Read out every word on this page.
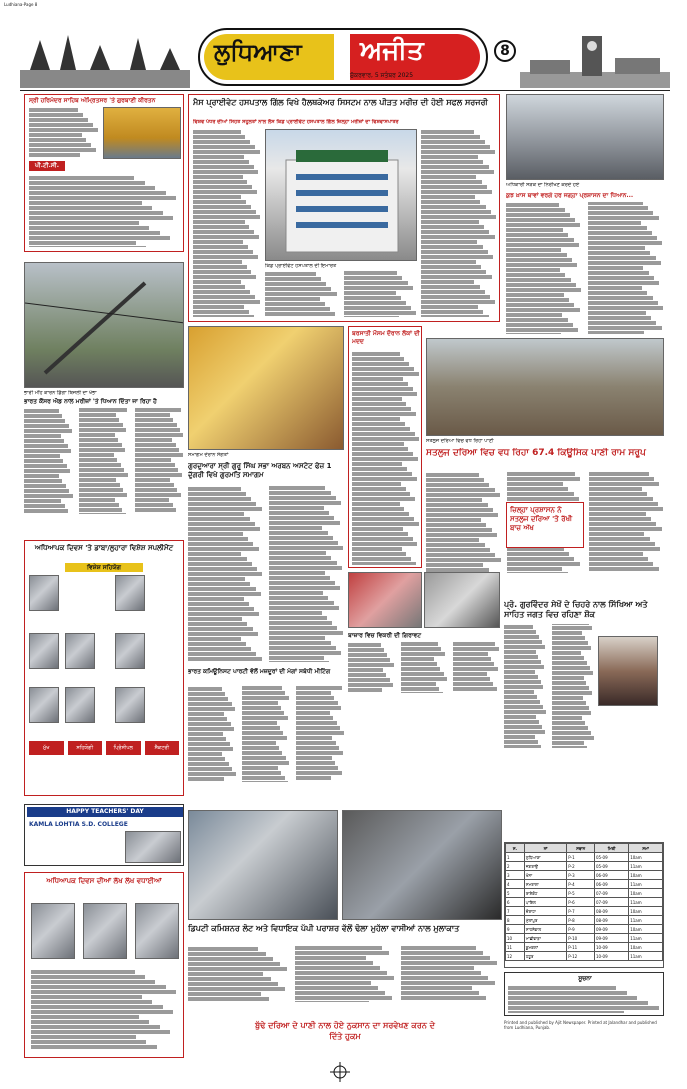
Ludhiana-Page 8
ਲੁਧਿਆਣਾ ਅਜੀਤ
ਸ਼ੁੱਕਰਵਾਰ, 5 ਸਤੰਬਰ 2025
8
ਸ੍ਰੀ ਹਰਿਮੰਦਰ ਸਾਹਿਬ ਅੰਮ੍ਰਿਤਸਰ 'ਤੇ ਗੁਰਬਾਣੀ ਕੀਰਤਨ
ਪੀ.ਟੀ.ਸੀ.
ਭਾਰੀ ਮੀਂਹ ਕਾਰਨ ਡਿੱਗਾ ਬਿਜਲੀ ਦਾ ਖੰਭਾ
ਭਾਰਤ ਕੈਂਸਰ ਐਡ ਨਾਲ ਮਰੀਜ਼ਾਂ 'ਤੇ ਧਿਆਨ ਦਿੱਤਾ ਜਾ ਰਿਹਾ ਹੈ
ਅਧਿਆਪਕ ਦਿਵਸ 'ਤੇ ਡਾਬਾ/ਲੁਹਾਰਾ ਵਿਸ਼ੇਸ਼ ਸਪਲੀਮੈਂਟ
ਵਿਸ਼ੇਸ਼ ਸਹਿਯੋਗ
ਮੁੱਖ	ਸਹਿਯੋਗੀ	ਪ੍ਰਿੰਸੀਪਲ	ਸੈਕਟਰੀ
HAPPY TEACHERS' DAY
KAMLA LOHTIA S.D. COLLEGE
ਅਧਿਆਪਕ ਦਿਵਸ ਦੀਆਂ ਲੱਖ ਲੱਖ ਵਧਾਈਆਂ
ਮੈਸ ਪ੍ਰਾਈਵੇਟ ਹਸਪਤਾਲ ਗਿੱਲ ਵਿਖੇ ਹੈਲਥਕੇਅਰ ਸਿਸਟਮ ਨਾਲ ਪੀੜਤ ਮਰੀਜ਼ ਦੀ ਹੋਈ ਸਫਲ ਸਰਜਰੀ
ਵਿਸ਼ਵ ਪੱਧਰ ਦੀਆਂ ਸਿਹਤ ਸਹੂਲਤਾਂ ਨਾਲ ਲੈਸ ਕਿਡ ਪ੍ਰਾਈਵੇਟ ਹਸਪਤਾਲ ਗਿੱਲ ਜ਼ਿਲ੍ਹਾ ਮਰੀਜ਼ਾਂ ਦਾ ਵਿਸ਼ਵਾਸਪਾਤਰ
ਕਿਡ ਪ੍ਰਾਈਵੇਟ ਹਸਪਤਾਲ ਦੀ ਇਮਾਰਤ
ਸਮਾਗਮ ਦੌਰਾਨ ਸੰਗਤਾਂ
ਗੁਰਦੁਆਰਾ ਸ੍ਰੀ ਗੁਰੂ ਸਿੰਘ ਸਭਾ ਅਰਬਨ ਅਸਟੇਟ ਫੇਜ਼ 1 ਦੁੱਗਰੀ ਵਿਖੇ ਗੁਰਮਤਿ ਸਮਾਗਮ
ਬਰਸਾਤੀ ਮੌਸਮ ਦੌਰਾਨ ਲੋਕਾਂ ਦੀ ਮਦਦ
ਬਾਜ਼ਾਰ ਵਿਚ ਵਿਕਰੀ ਦੀ ਗਿਰਾਵਟ
ਭਾਰਤ ਕਮਿਊਨਿਸਟ ਪਾਰਟੀ ਵੱਲੋਂ ਮਜ਼ਦੂਰਾਂ ਦੀ ਮੰਗਾਂ ਸਬੰਧੀ ਮੀਟਿੰਗ
ਡਿਪਟੀ ਕਮਿਸ਼ਨਰ ਲੋਟ ਅਤੇ ਵਿਧਾਇਕ ਪੱਪੀ ਪਰਾਸ਼ਰ ਵੱਲੋਂ ਢੋਲਾ ਮੁਹੱਲਾ ਵਾਸੀਆਂ ਨਾਲ ਮੁਲਾਕਾਤ
ਬੁੱਢੇ ਦਰਿਆ ਦੇ ਪਾਣੀ ਨਾਲ ਹੋਏ ਨੁਕਸਾਨ ਦਾ ਸਰਵੇਖਣ ਕਰਨ ਦੇ ਦਿੱਤੇ ਹੁਕਮ
ਅਧਿਕਾਰੀ ਸੜਕ ਦਾ ਨਿਰੀਖਣ ਕਰਦੇ ਹੋਏ
ਕੁਝ ਖ਼ਾਸ ਥਾਵਾਂ ਵਰਗੇ ਹਰ ਜਗ੍ਹਾ ਪ੍ਰਸ਼ਾਸਨ ਦਾ ਧਿਆਨ...
ਸਤਲੁਜ ਦਰਿਆ ਵਿਚ ਵਧ ਰਿਹਾ ਪਾਣੀ
ਸਤਲੁਜ ਦਰਿਆ ਵਿਚ ਵਧ ਰਿਹਾ 67.4 ਕਿਊਸਿਕ ਪਾਣੀ ਰਾਮ ਸਰੂਪ
ਜ਼ਿਲ੍ਹਾ ਪ੍ਰਸ਼ਾਸਨ ਨੇ ਸਤਲੁਜ ਦਰਿਆ 'ਤੇ ਰੱਖੀ ਬਾਜ਼ ਅੱਖ
ਪ੍ਰੋ. ਗੁਰਵਿੰਦਰ ਸੇਖੋਂ ਦੇ ਚਿਹਰੇ ਨਾਲ ਸਿੱਖਿਆ ਅਤੇ ਸਾਹਿਤ ਜਗਤ ਵਿਚ ਰਹਿਣਾ ਸ਼ੌਕ
ਸ.	ਨਾਂ	ਸਥਾਨ	ਮਿਤੀ	ਸਮਾਂ
1	ਲੁਧਿਆਣਾ	P-1	05-09	10am
2	ਜਗਰਾਉਂ	P-2	05-09	11am
3	ਖੰਨਾ	P-3	06-09	10am
4	ਸਮਰਾਲਾ	P-4	06-09	11am
5	ਰਾਏਕੋਟ	P-5	07-09	10am
6	ਪਾਇਲ	P-6	07-09	11am
7	ਦੋਰਾਹਾ	P-7	08-09	10am
8	ਮੁੱਲਾਂਪੁਰ	P-8	08-09	11am
9	ਸਾਹਨੇਵਾਲ	P-9	09-09	10am
10	ਮਾਛੀਵਾੜਾ	P-10	09-09	11am
11	ਕੂਮਕਲਾਂ	P-11	10-09	10am
12	ਹਠੂਰ	P-12	10-09	11am
ਸੂਚਨਾ
Printed and published by Ajit Newspaper. Printed at Jalandhar and published from Ludhiana, Punjab.
